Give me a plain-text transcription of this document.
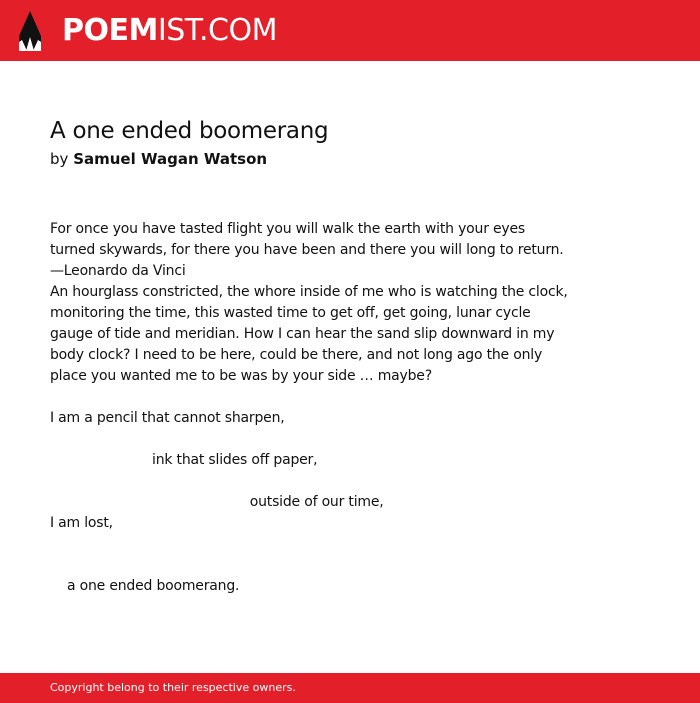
POEMIST.COM
A one ended boomerang
by Samuel Wagan Watson
For once you have tasted flight you will walk the earth with your eyes
turned skywards, for there you have been and there you will long to return.
—Leonardo da Vinci
An hourglass constricted, the whore inside of me who is watching the clock,
monitoring the time, this wasted time to get off, get going, lunar cycle
gauge of tide and meridian. How I can hear the sand slip downward in my
body clock? I need to be here, could be there, and not long ago the only
place you wanted me to be was by your side … maybe?
I am a pencil that cannot sharpen,
ink that slides off paper,
outside of our time,
I am lost,
a one ended boomerang.
Copyright belong to their respective owners.
